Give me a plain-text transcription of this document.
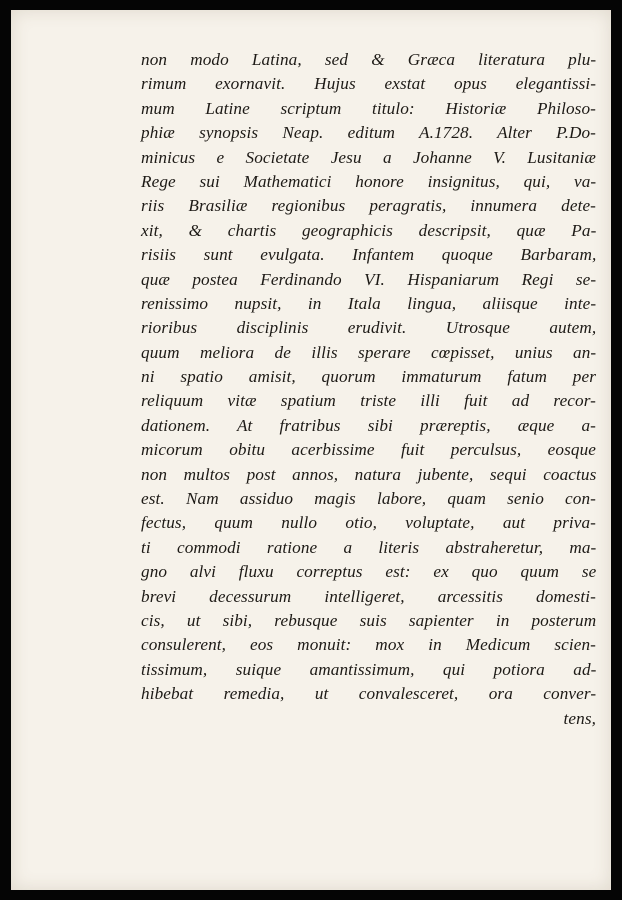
non modo Latina, sed & Græca literatura plu-
rimum exornavit. Hujus exstat opus elegantissi-
mum Latine scriptum titulo: Historiæ Philoso-
phiæ synopsis Neap. editum A.1728. Alter P.Do-
minicus e Societate Jesu a Johanne V. Lusitaniæ
Rege sui Mathematici honore insignitus, qui, va-
riis Brasiliæ regionibus peragratis, innumera dete-
xit, & chartis geographicis descripsit, quæ Pa-
risiis sunt evulgata. Infantem quoque Barbaram,
quæ postea Ferdinando VI. Hispaniarum Regi se-
renissimo nupsit, in Itala lingua, aliisque inte-
rioribus disciplinis erudivit. Utrosque autem,
quum meliora de illis sperare cœpisset, unius an-
ni spatio amisit, quorum immaturum fatum per
reliquum vitæ spatium triste illi fuit ad recor-
dationem. At fratribus sibi præreptis, æque a-
micorum obitu acerbissime fuit perculsus, eosque
non multos post annos, natura jubente, sequi coactus
est. Nam assiduo magis labore, quam senio con-
fectus, quum nullo otio, voluptate, aut priva-
ti commodi ratione a literis abstraheretur, ma-
gno alvi fluxu correptus est: ex quo quum se
brevi decessurum intelligeret, arcessitis domesti-
cis, ut sibi, rebusque suis sapienter in posterum
consulerent, eos monuit: mox in Medicum scien-
tissimum, suique amantissimum, qui potiora ad-
hibebat remedia, ut convalesceret, ora conver-
tens,
